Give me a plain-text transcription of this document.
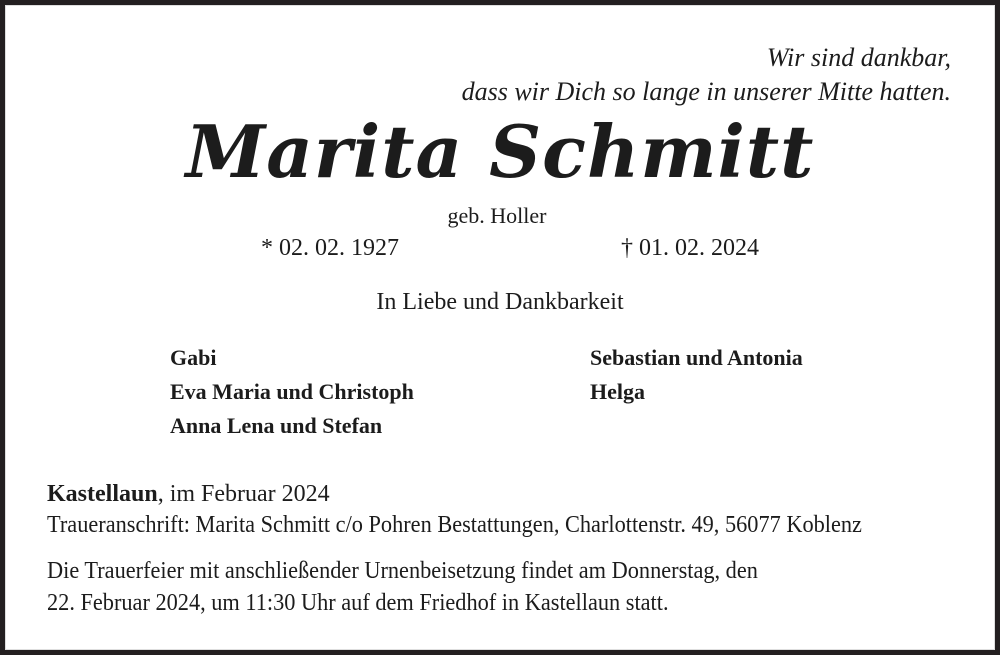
Wir sind dankbar,
dass wir Dich so lange in unserer Mitte hatten.
Marita Schmitt
geb. Holler
* 02. 02. 1927	† 01. 02. 2024
In Liebe und Dankbarkeit
Gabi
Eva Maria und Christoph
Anna Lena und Stefan
Sebastian und Antonia
Helga
Kastellaun, im Februar 2024
Traueranschrift: Marita Schmitt c/o Pohren Bestattungen, Charlottenstr. 49, 56077 Koblenz
Die Trauerfeier mit anschließender Urnenbeisetzung findet am Donnerstag, den
22. Februar 2024, um 11:30 Uhr auf dem Friedhof in Kastellaun statt.
